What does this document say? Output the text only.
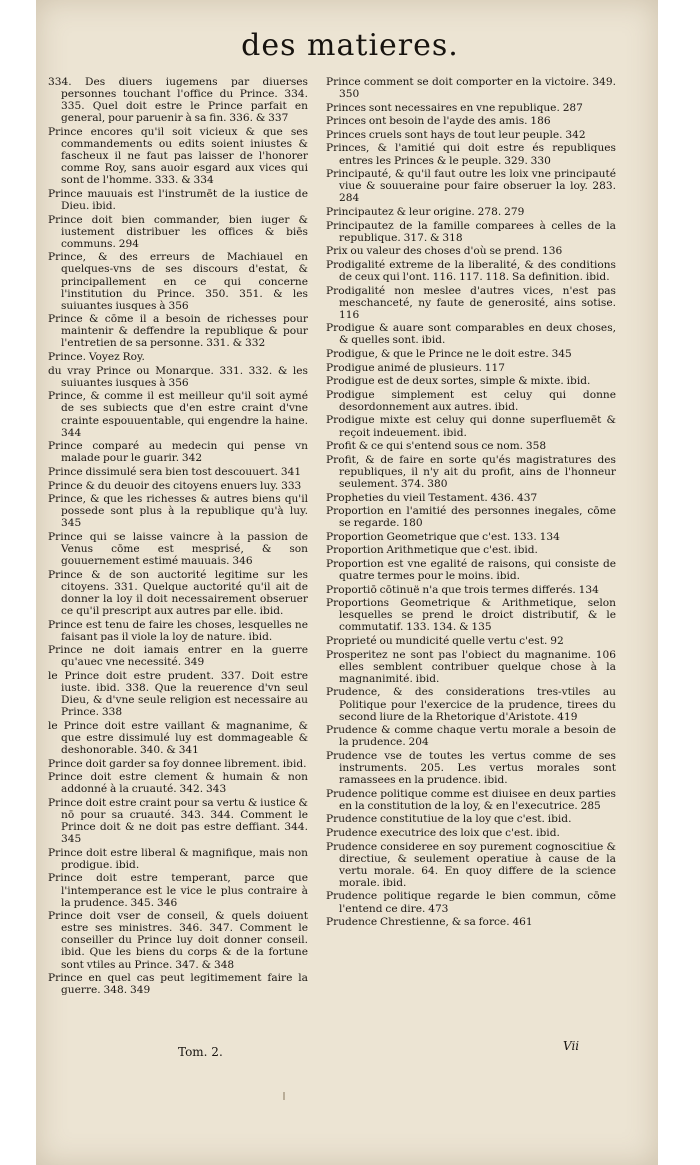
des matieres.

334. Des diuers iugemens par diuerses personnes touchant l'office du Prince. 334. 335. Quel doit estre le Prince parfait en general, pour paruenir à sa fin. 336. & 337

Prince encores qu'il soit vicieux & que ses commandements ou edits soient iniustes & fascheux il ne faut pas laisser de l'honorer comme Roy, sans auoir esgard aux vices qui sont de l'homme. 333. & 334

Prince mauuais est l'instrumēt de la iustice de Dieu. ibid.

Prince doit bien commander, bien iuger & iustement distribuer les offices & biēs communs. 294

Prince, & des erreurs de Machiauel en quelques-vns de ses discours d'estat, & principallement en ce qui concerne l'institution du Prince. 350. 351. & les suiuantes iusques à 356

Prince & cōme il a besoin de richesses pour maintenir & deffendre la republique & pour l'entretien de sa personne. 331. & 332

Prince. Voyez Roy.

du vray Prince ou Monarque. 331. 332. & les suiuantes iusques à 356

Prince, & comme il est meilleur qu'il soit aymé de ses subiects que d'en estre craint d'vne crainte espouuentable, qui engendre la haine. 344

Prince comparé au medecin qui pense vn malade pour le guarir. 342

Prince dissimulé sera bien tost descouuert. 341

Prince & du deuoir des citoyens enuers luy. 333

Prince, & que les richesses & autres biens qu'il possede sont plus à la republique qu'à luy. 345

Prince qui se laisse vaincre à la passion de Venus cōme est mesprisé, & son gouuernement estimé mauuais. 346

Prince & de son auctorité legitime sur les citoyens. 331. Quelque auctorité qu'il ait de donner la loy il doit necessairement obseruer ce qu'il prescript aux autres par elle. ibid.

Prince est tenu de faire les choses, lesquelles ne faisant pas il viole la loy de nature. ibid.

Prince ne doit iamais entrer en la guerre qu'auec vne necessité. 349

le Prince doit estre prudent. 337. Doit estre iuste. ibid. 338. Que la reuerence d'vn seul Dieu, & d'vne seule religion est necessaire au Prince. 338

le Prince doit estre vaillant & magnanime, & que estre dissimulé luy est dommageable & deshonorable. 340. & 341

Prince doit garder sa foy donnee librement. ibid.

Prince doit estre clement & humain & non addonné à la cruauté. 342. 343

Prince doit estre craint pour sa vertu & iustice & nō pour sa cruauté. 343. 344. Comment le Prince doit & ne doit pas estre deffiant. 344. 345

Prince doit estre liberal & magnifique, mais non prodigue. ibid.

Prince doit estre temperant, parce que l'intemperance est le vice le plus contraire à la prudence. 345. 346

Prince doit vser de conseil, & quels doiuent estre ses ministres. 346. 347. Comment le conseiller du Prince luy doit donner conseil. ibid. Que les biens du corps & de la fortune sont vtiles au Prince. 347. & 348

Prince en quel cas peut legitimement faire la guerre. 348. 349

Prince comment se doit comporter en la victoire. 349. 350

Princes sont necessaires en vne republique. 287

Princes ont besoin de l'ayde des amis. 186

Princes cruels sont hays de tout leur peuple. 342

Princes, & l'amitié qui doit estre és republiques entres les Princes & le peuple. 329. 330

Principauté, & qu'il faut outre les loix vne principauté viue & souueraine pour faire obseruer la loy. 283. 284

Principautez & leur origine. 278. 279

Principautez de la famille comparees à celles de la republique. 317. & 318

Prix ou valeur des choses d'où se prend. 136

Prodigalité extreme de la liberalité, & des conditions de ceux qui l'ont. 116. 117. 118. Sa definition. ibid.

Prodigalité non meslee d'autres vices, n'est pas meschanceté, ny faute de generosité, ains sotise. 116

Prodigue & auare sont comparables en deux choses, & quelles sont. ibid.

Prodigue, & que le Prince ne le doit estre. 345

Prodigue animé de plusieurs. 117

Prodigue est de deux sortes, simple & mixte. ibid.

Prodigue simplement est celuy qui donne desordonnement aux autres. ibid.

Prodigue mixte est celuy qui donne superfluemēt & reçoit indeuement. ibid.

Profit & ce qui s'entend sous ce nom. 358

Profit, & de faire en sorte qu'és magistratures des republiques, il n'y ait du profit, ains de l'honneur seulement. 374. 380

Propheties du vieil Testament. 436. 437

Proportion en l'amitié des personnes inegales, cōme se regarde. 180

Proportion Geometrique que c'est. 133. 134

Proportion Arithmetique que c'est. ibid.

Proportion est vne egalité de raisons, qui consiste de quatre termes pour le moins. ibid.

Proportiō cōtinuë n'a que trois termes differés. 134

Proportions Geometrique & Arithmetique, selon lesquelles se prend le droict distributif, & le commutatif. 133. 134. & 135

Proprieté ou mundicité quelle vertu c'est. 92

Prosperitez ne sont pas l'obiect du magnanime. 106 elles semblent contribuer quelque chose à la magnanimité. ibid.

Prudence, & des considerations tres-vtiles au Politique pour l'exercice de la prudence, tirees du second liure de la Rhetorique d'Aristote. 419

Prudence & comme chaque vertu morale a besoin de la prudence. 204

Prudence vse de toutes les vertus comme de ses instruments. 205. Les vertus morales sont ramassees en la prudence. ibid.

Prudence politique comme est diuisee en deux parties en la constitution de la loy, & en l'executrice. 285

Prudence constitutiue de la loy que c'est. ibid.

Prudence executrice des loix que c'est. ibid.

Prudence consideree en soy purement cognoscitiue & directiue, & seulement operatiue à cause de la vertu morale. 64. En quoy differe de la science morale. ibid.

Prudence politique regarde le bien commun, cōme l'entend ce dire. 473

Prudence Chrestienne, & sa force. 461

Tom. 2.	Vii
